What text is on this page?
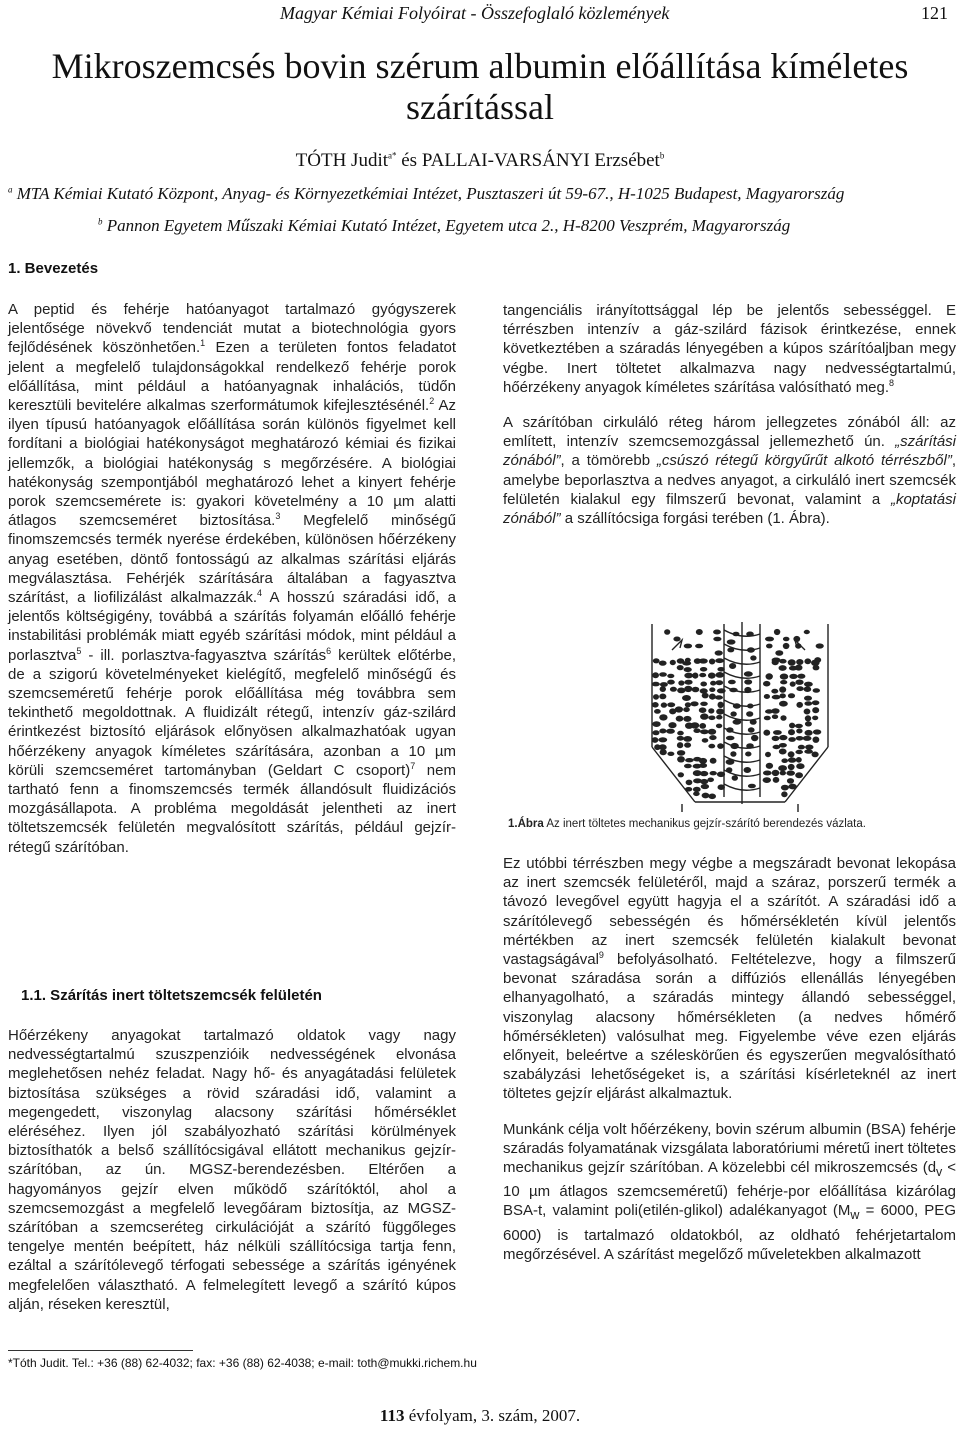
Magyar Kémiai Folyóirat - Összefoglaló közlemények	121
Mikroszemcsés bovin szérum albumin előállítása kíméletes
szárítással
TÓTH Judit$^{a*}$ és PALLAI-VARSÁNYI Erzsébet$^b$
$^a$ MTA Kémiai Kutató Központ, Anyag- és Környezetkémiai Intézet, Pusztaszeri út 59-67., H-1025 Budapest, Magyarország
$^b$ Pannon Egyetem Műszaki Kémiai Kutató Intézet, Egyetem utca 2., H-8200 Veszprém, Magyarország
1. Bevezetés

A peptid és fehérje hatóanyagot tartalmazó gyógyszerek jelentősége növekvő tendenciát mutat a biotechnológia gyors fejlődésének köszönhetően.$^1$ Ezen a területen fontos feladatot jelent a megfelelő tulajdonságokkal rendelkező fehérje porok előállítása, mint például a hatóanyagnak inhalációs, tüdőn keresztüli bevitelére alkalmas szerformátumok kifejlesztésénél.$^2$ Az ilyen típusú hatóanyagok előállítása során különös figyelmet kell fordítani a biológiai hatékonyságot meghatározó kémiai és fizikai jellemzők, a biológiai hatékonyság s megőrzésére. A biológiai hatékonyság szempontjából meghatározó lehet a kinyert fehérje porok szemcsemérete is: gyakori követelmény a 10 µm alatti átlagos szemcseméret biztosítása.$^3$ Megfelelő minőségű finomszemcsés termék nyerése érdekében, különösen hőérzékeny anyag esetében, döntő fontosságú az alkalmas szárítási eljárás megválasztása. Fehérjék szárítására általában a fagyasztva szárítást, a liofilizálást alkalmazzák.$^4$ A hosszú száradási idő, a jelentős költségigény, továbbá a szárítás folyamán előálló fehérje instabilitási problémák miatt egyéb szárítási módok, mint például a porlasztva$^5$ - ill. porlasztva-fagyasztva szárítás$^6$ kerültek előtérbe, de a szigorú követelményeket kielégítő, megfelelő minőségű és szemcseméretű fehérje porok előállítása még továbbra sem tekinthető megoldottnak. A fluidizált rétegű, intenzív gáz-szilárd érintkezést biztosító eljárások előnyösen alkalmazhatóak ugyan hőérzékeny anyagok kíméletes szárítására, azonban a 10 µm körüli szemcseméret tartományban (Geldart C csoport)$^7$ nem tartható fenn a finomszemcsés termék állandósult fluidizációs mozgásállapota. A probléma megoldását jelentheti az inert töltetszemcsék felületén megvalósított szárítás, például gejzír-rétegű szárítóban.

1.1. Szárítás inert töltetszemcsék felületén

Hőérzékeny anyagokat tartalmazó oldatok vagy nagy nedvességtartalmú szuszpenzióik nedvességének elvonása meglehetősen nehéz feladat. Nagy hő- és anyagátadási felületek biztosítása szükséges a rövid száradási idő, valamint a megengedett, viszonylag alacsony szárítási hőmérséklet eléréséhez. Ilyen jól szabályozható szárítási körülmények biztosíthatók a belső szállítócsigával ellátott mechanikus gejzír-szárítóban, az ún. MGSZ-berendezésben. Eltérően a hagyományos gejzír elven működő szárítóktól, ahol a szemcsemozgást a megfelelő levegőáram biztosítja, az MGSZ-szárítóban a szemcseréteg cirkulációját a szárító függőleges tengelye mentén beépített, ház nélküli szállítócsiga tartja fenn, ezáltal a szárítólevegő térfogati sebessége a szárítás igényének megfelelően választható. A felmelegített levegő a szárító kúpos alján, réseken keresztül,

tangenciális irányítottsággal lép be jelentős sebességgel. E térrészben intenzív a gáz-szilárd fázisok érintkezése, ennek következtében a száradás lényegében a kúpos szárítóaljban megy végbe. Inert töltetet alkalmazva nagy nedvességtartalmú, hőérzékeny anyagok kíméletes szárítása valósítható meg.$^8$

A szárítóban cirkuláló réteg három jellegzetes zónából áll: az említett, intenzív szemcsemozgással jellemezhető ún. „szárítási zónából”, a tömörebb „csúszó rétegű körgyűrűt alkotó térrészből”, amelybe beporlasztva a nedves anyagot, a cirkuláló inert szemcsék felületén kialakul egy filmszerű bevonat, valamint a „koptatási zónából” a szállítócsiga forgási terében (1. Ábra).

1.Ábra Az inert töltetes mechanikus gejzír-szárító berendezés vázlata.

Ez utóbbi térrészben megy végbe a megszáradt bevonat lekopása az inert szemcsék felületéről, majd a száraz, porszerű termék a távozó levegővel együtt hagyja el a szárítót. A száradási idő a szárítólevegő sebességén és hőmérsékletén kívül jelentős mértékben az inert szemcsék felületén kialakult bevonat vastagságával$^9$ befolyásolható. Feltételezve, hogy a filmszerű bevonat száradása során a diffúziós ellenállás lényegében elhanyagolható, a száradás mintegy állandó sebességgel, viszonylag alacsony hőmérsékleten (a nedves hőmérő hőmérsékleten) valósulhat meg. Figyelembe véve ezen eljárás előnyeit, beleértve a széleskörűen és egyszerűen megvalósítható szabályzási lehetőségeket is, a szárítási kísérleteknél az inert töltetes gejzír eljárást alkalmaztuk.

Munkánk célja volt hőérzékeny, bovin szérum albumin (BSA) fehérje száradás folyamatának vizsgálata laboratóriumi méretű inert töltetes mechanikus gejzír szárítóban. A közelebbi cél mikroszemcsés ($d_v < 10$ µm átlagos szemcseméretű) fehérje-por előállítása kizárólag BSA-t, valamint poli(etilén-glikol) adalékanyagot ($M_w = 6000$, PEG 6000) is tartalmazó oldatokból, az oldható fehérjetartalom megőrzésével. A szárítást megelőző műveletekben alkalmazott

*Tóth Judit. Tel.: +36 (88) 62-4032; fax: +36 (88) 62-4038; e-mail: toth@mukki.richem.hu
113 évfolyam, 3. szám, 2007.
